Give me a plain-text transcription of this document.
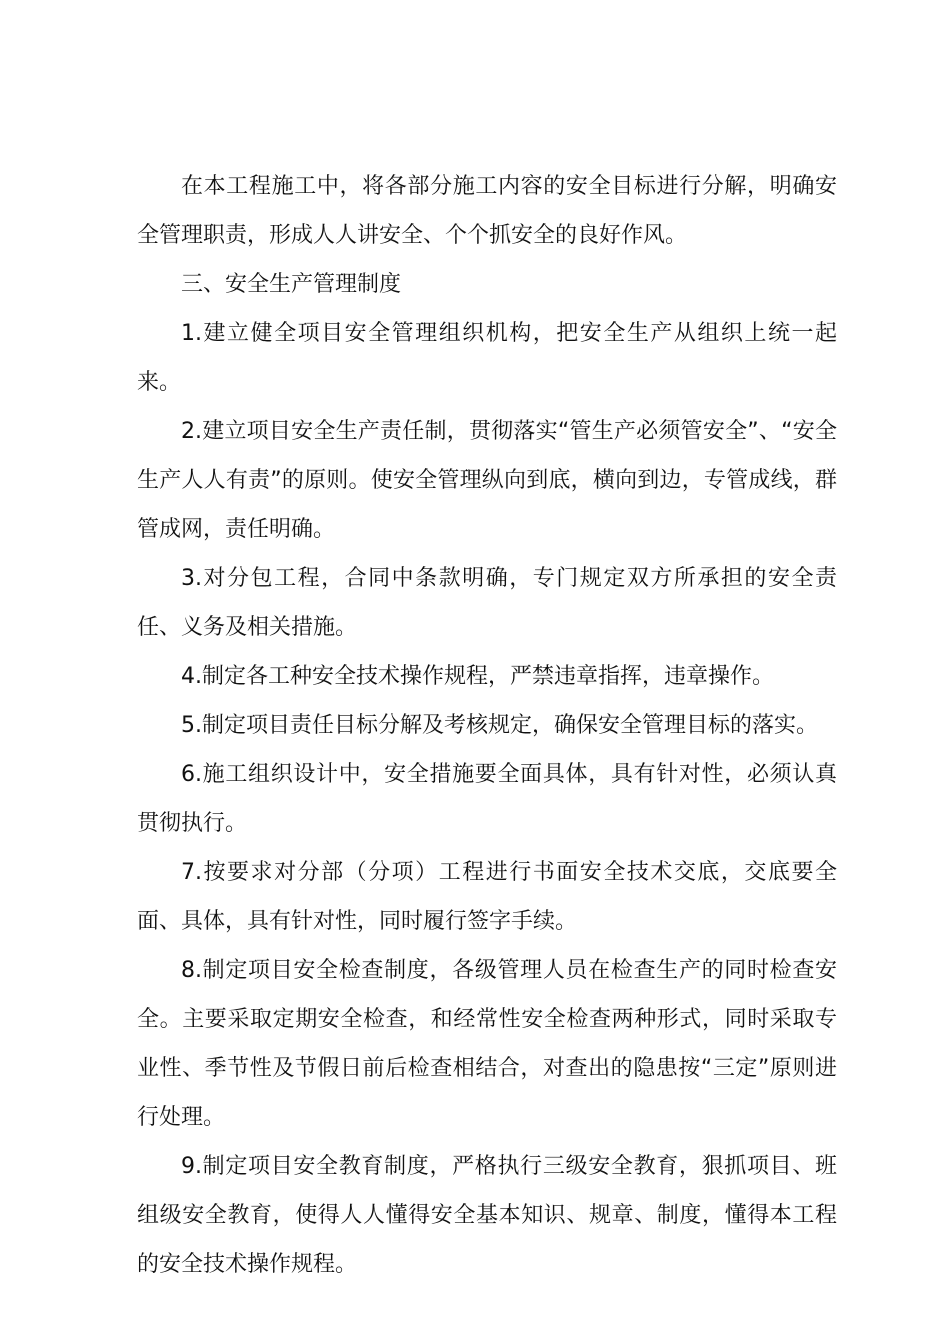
在本工程施工中，将各部分施工内容的安全目标进行分解，明确安全管理职责，形成人人讲安全、个个抓安全的良好作风。

三、安全生产管理制度

1.建立健全项目安全管理组织机构，把安全生产从组织上统一起来。

2.建立项目安全生产责任制，贯彻落实“管生产必须管安全”、“安全生产人人有责”的原则。使安全管理纵向到底，横向到边，专管成线，群管成网，责任明确。

3.对分包工程，合同中条款明确，专门规定双方所承担的安全责任、义务及相关措施。

4.制定各工种安全技术操作规程，严禁违章指挥，违章操作。

5.制定项目责任目标分解及考核规定，确保安全管理目标的落实。

6.施工组织设计中，安全措施要全面具体，具有针对性，必须认真贯彻执行。

7.按要求对分部（分项）工程进行书面安全技术交底，交底要全面、具体，具有针对性，同时履行签字手续。

8.制定项目安全检查制度，各级管理人员在检查生产的同时检查安全。主要采取定期安全检查，和经常性安全检查两种形式，同时采取专业性、季节性及节假日前后检查相结合，对查出的隐患按“三定”原则进行处理。

9.制定项目安全教育制度，严格执行三级安全教育，狠抓项目、班组级安全教育，使得人人懂得安全基本知识、规章、制度，懂得本工程的安全技术操作规程。
